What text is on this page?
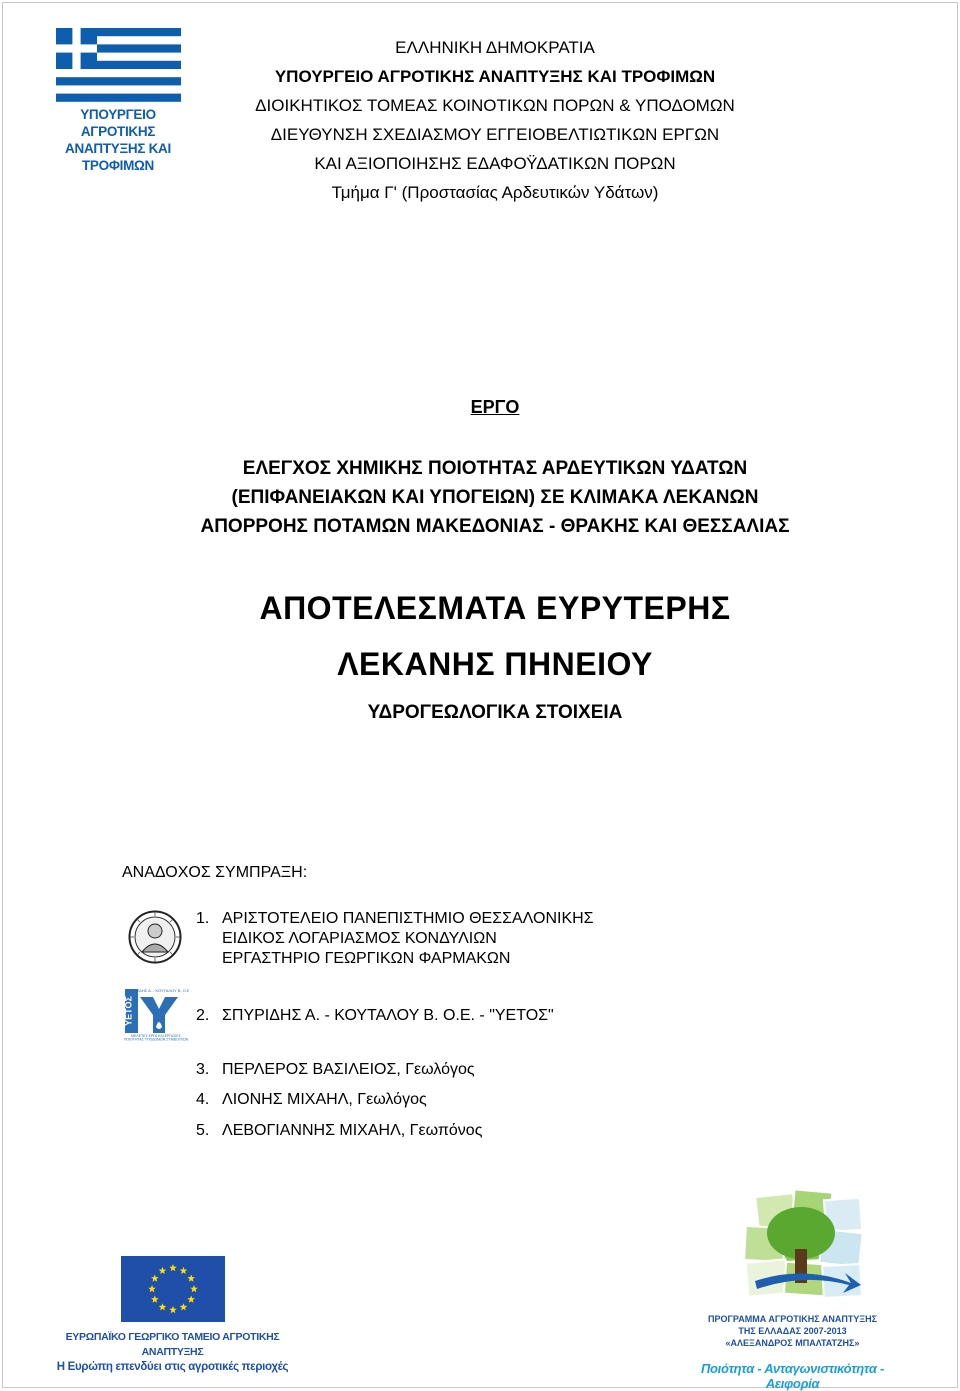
ΥΠΟΥΡΓΕΙΟ ΑΓΡΟΤΙΚΗΣ
ΑΝΑΠΤΥΞΗΣ ΚΑΙ ΤΡΟΦΙΜΩΝ
ΕΛΛΗΝΙΚΗ ΔΗΜΟΚΡΑΤΙΑ
ΥΠΟΥΡΓΕΙΟ ΑΓΡΟΤΙΚΗΣ ΑΝΑΠΤΥΞΗΣ ΚΑΙ ΤΡΟΦΙΜΩΝ
ΔΙΟΙΚΗΤΙΚΟΣ ΤΟΜΕΑΣ ΚΟΙΝΟΤΙΚΩΝ ΠΟΡΩΝ & ΥΠΟΔΟΜΩΝ
ΔΙΕΥΘΥΝΣΗ ΣΧΕΔΙΑΣΜΟΥ ΕΓΓΕΙΟΒΕΛΤΙΩΤΙΚΩΝ ΕΡΓΩΝ
ΚΑΙ ΑΞΙΟΠΟΙΗΣΗΣ ΕΔΑΦΟΫΔΑΤΙΚΩΝ ΠΟΡΩΝ
Τμήμα Γ' (Προστασίας Αρδευτικών Υδάτων)
ΕΡΓΟ
ΕΛΕΓΧΟΣ ΧΗΜΙΚΗΣ ΠΟΙΟΤΗΤΑΣ ΑΡΔΕΥΤΙΚΩΝ ΥΔΑΤΩΝ
(ΕΠΙΦΑΝΕΙΑΚΩΝ ΚΑΙ ΥΠΟΓΕΙΩΝ) ΣΕ ΚΛΙΜΑΚΑ ΛΕΚΑΝΩΝ
ΑΠΟΡΡΟΗΣ ΠΟΤΑΜΩΝ ΜΑΚΕΔΟΝΙΑΣ - ΘΡΑΚΗΣ ΚΑΙ ΘΕΣΣΑΛΙΑΣ
ΑΠΟΤΕΛΕΣΜΑΤΑ ΕΥΡΥΤΕΡΗΣ
ΛΕΚΑΝΗΣ ΠΗΝΕΙΟΥ
ΥΔΡΟΓΕΩΛΟΓΙΚΑ ΣΤΟΙΧΕΙΑ
ΑΝΑΔΟΧΟΣ ΣΥΜΠΡΑΞΗ:
1. ΑΡΙΣΤΟΤΕΛΕΙΟ ΠΑΝΕΠΙΣΤΗΜΙΟ ΘΕΣΣΑΛΟΝΙΚΗΣ
ΕΙΔΙΚΟΣ ΛΟΓΑΡΙΑΣΜΟΣ ΚΟΝΔΥΛΙΩΝ
ΕΡΓΑΣΤΗΡΙΟ ΓΕΩΡΓΙΚΩΝ ΦΑΡΜΑΚΩΝ
ΥΕΤΟΣ
ΣΠΥΡΙΔΗΣ Α. - ΚΟΥΤΑΛΟΥ Β. Ο.Ε.
ΜΕΛΕΤΕΣ ΕΡΓΑ ΚΑΙ ΕΡΓΑΣΙΕΣ
ΠΟΙΟΤΗΤΑΣ ΥΠΟΔΟΜΩΝ ΣΥΜΒΟΥΛΩΝ
2. ΣΠΥΡΙΔΗΣ Α. - ΚΟΥΤΑΛΟΥ Β. Ο.Ε. - "ΥΕΤΟΣ"
3. ΠΕΡΛΕΡΟΣ ΒΑΣΙΛΕΙΟΣ, Γεωλόγος
4. ΛΙΟΝΗΣ ΜΙΧΑΗΛ, Γεωλόγος
5. ΛΕΒΟΓΙΑΝΝΗΣ ΜΙΧΑΗΛ, Γεωπόνος
ΕΥΡΩΠΑΪΚΟ ΓΕΩΡΓΙΚΟ ΤΑΜΕΙΟ ΑΓΡΟΤΙΚΗΣ ΑΝΑΠΤΥΞΗΣ
Η Ευρώπη επενδύει στις αγροτικές περιοχές
ΠΡΟΓΡΑΜΜΑ ΑΓΡΟΤΙΚΗΣ ΑΝΑΠΤΥΞΗΣ
ΤΗΣ ΕΛΛΑΔΑΣ 2007-2013
«ΑΛΕΞΑΝΔΡΟΣ ΜΠΑΛΤΑΤΖΗΣ»
Ποιότητα - Ανταγωνιστικότητα - Αειφορία
